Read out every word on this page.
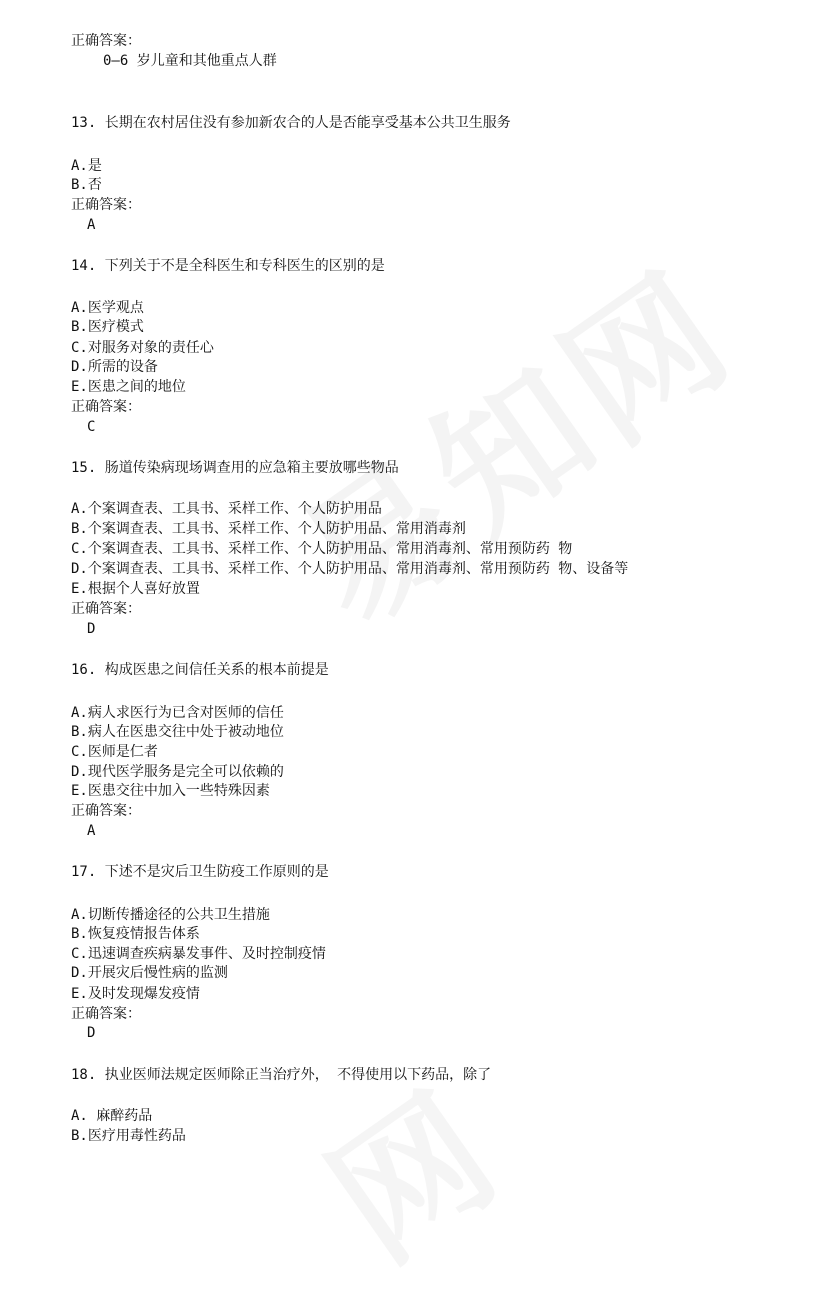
正确答案：
0—6 岁儿童和其他重点人群
13. 长期在农村居住没有参加新农合的人是否能享受基本公共卫生服务
A.是
B.否
正确答案：
A
14. 下列关于不是全科医生和专科医生的区别的是
A.医学观点
B.医疗模式
C.对服务对象的责任心
D.所需的设备
E.医患之间的地位
正确答案：
C
15. 肠道传染病现场调查用的应急箱主要放哪些物品
A.个案调查表、工具书、采样工作、个人防护用品
B.个案调查表、工具书、采样工作、个人防护用品、常用消毒剂
C.个案调查表、工具书、采样工作、个人防护用品、常用消毒剂、常用预防药 物
D.个案调查表、工具书、采样工作、个人防护用品、常用消毒剂、常用预防药 物、设备等
E.根据个人喜好放置
正确答案：
D
16. 构成医患之间信任关系的根本前提是
A.病人求医行为已含对医师的信任
B.病人在医患交往中处于被动地位
C.医师是仁者
D.现代医学服务是完全可以依赖的
E.医患交往中加入一些特殊因素
正确答案：
A
17. 下述不是灾后卫生防疫工作原则的是
A.切断传播途径的公共卫生措施
B.恢复疫情报告体系
C.迅速调查疾病暴发事件、及时控制疫情
D.开展灾后慢性病的监测
E.及时发现爆发疫情
正确答案：
D
18. 执业医师法规定医师除正当治疗外， 不得使用以下药品，除了
A. 麻醉药品
B.医疗用毒性药品
